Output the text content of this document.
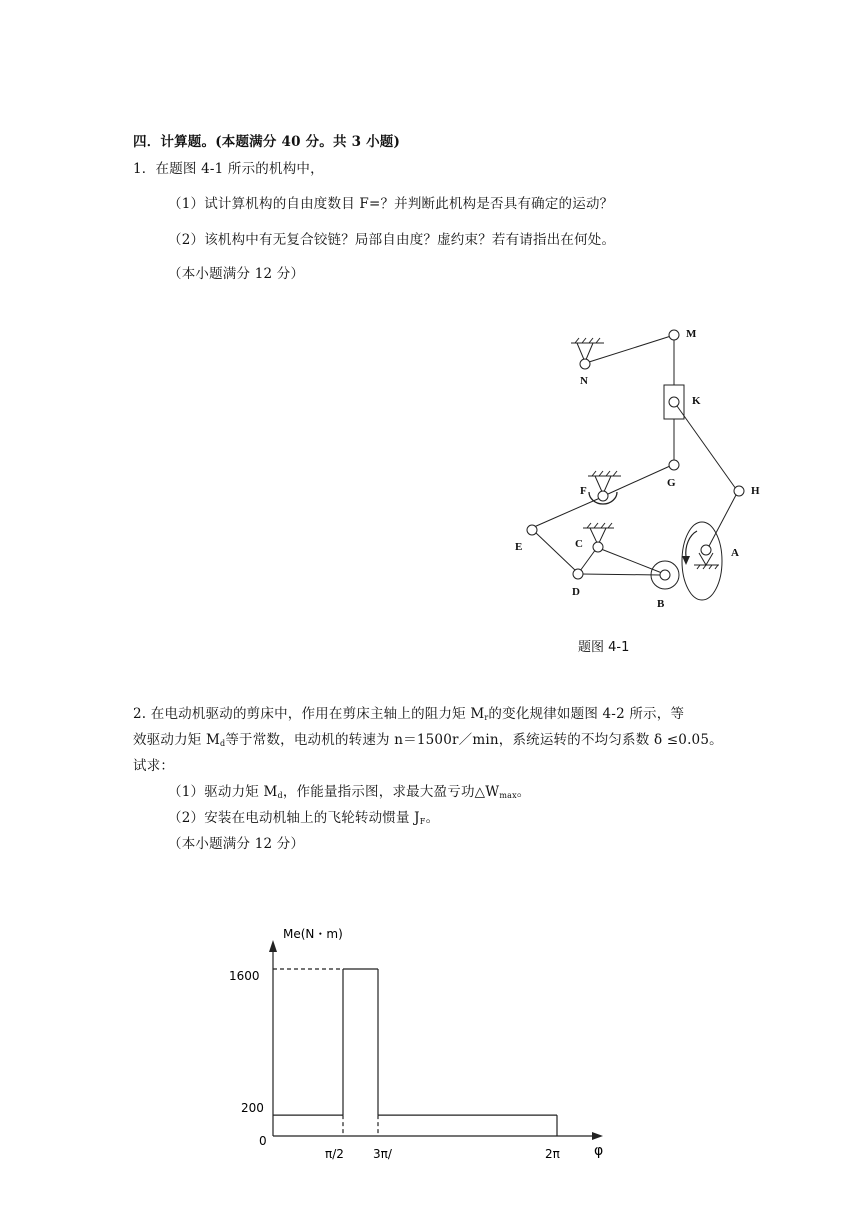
四．计算题。(本题满分 40 分。共 3 小题)
1．在题图 4-1 所示的机构中，
（1）试计算机构的自由度数目 F=？并判断此机构是否具有确定的运动？
（2）该机构中有无复合铰链？局部自由度？虚约束？若有请指出在何处。
（本小题满分 12 分）
M
N
K
G
H
F
E	C
A
D
B
题图 4-1
2. 在电动机驱动的剪床中，作用在剪床主轴上的阻力矩 $M_r$的变化规律如题图 4-2 所示，等
效驱动力矩 $M_d$等于常数，电动机的转速为 n＝1500r／min，系统运转的不均匀系数 δ ≤0.05。
试求：
（1）驱动力矩 $M_d$，作能量指示图，求最大盈亏功$\triangle W_{max}$。
（2）安装在电动机轴上的飞轮转动惯量 $J_F$。
（本小题满分 12 分）
Me(N・m)
φ
1600
200
0
π/2 3π/	2π
